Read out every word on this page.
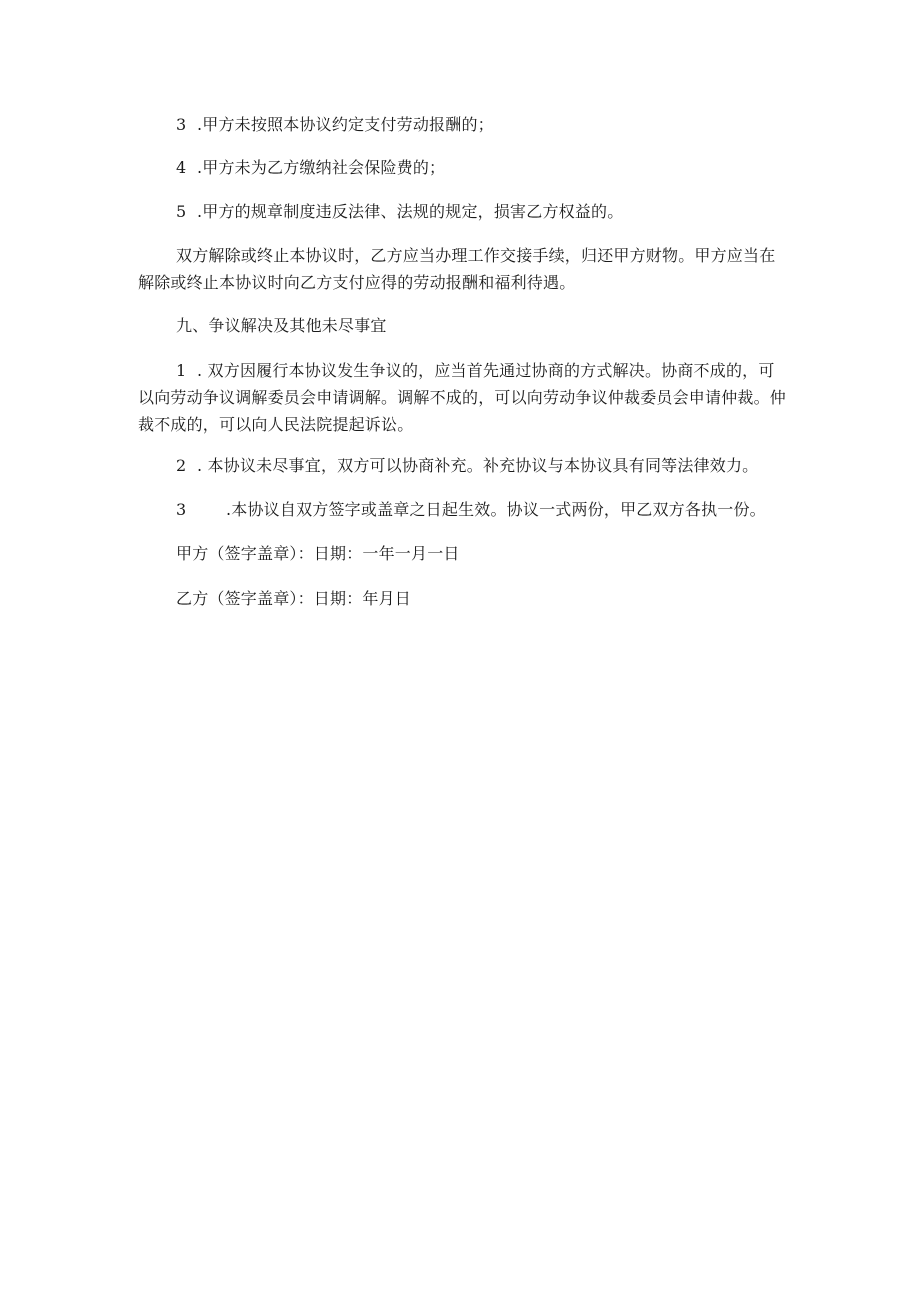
3 .甲方未按照本协议约定支付劳动报酬的；
4 .甲方未为乙方缴纳社会保险费的；
5 .甲方的规章制度违反法律、法规的规定，损害乙方权益的。
双方解除或终止本协议时，乙方应当办理工作交接手续，归还甲方财物。甲方应当在解除或终止本协议时向乙方支付应得的劳动报酬和福利待遇。
九、争议解决及其他未尽事宜
1 . 双方因履行本协议发生争议的，应当首先通过协商的方式解决。协商不成的，可以向劳动争议调解委员会申请调解。调解不成的，可以向劳动争议仲裁委员会申请仲裁。仲裁不成的，可以向人民法院提起诉讼。
2 . 本协议未尽事宜，双方可以协商补充。补充协议与本协议具有同等法律效力。
3 .本协议自双方签字或盖章之日起生效。协议一式两份，甲乙双方各执一份。
甲方（签字盖章）：日期：一年一月一日
乙方（签字盖章）：日期：年月日
